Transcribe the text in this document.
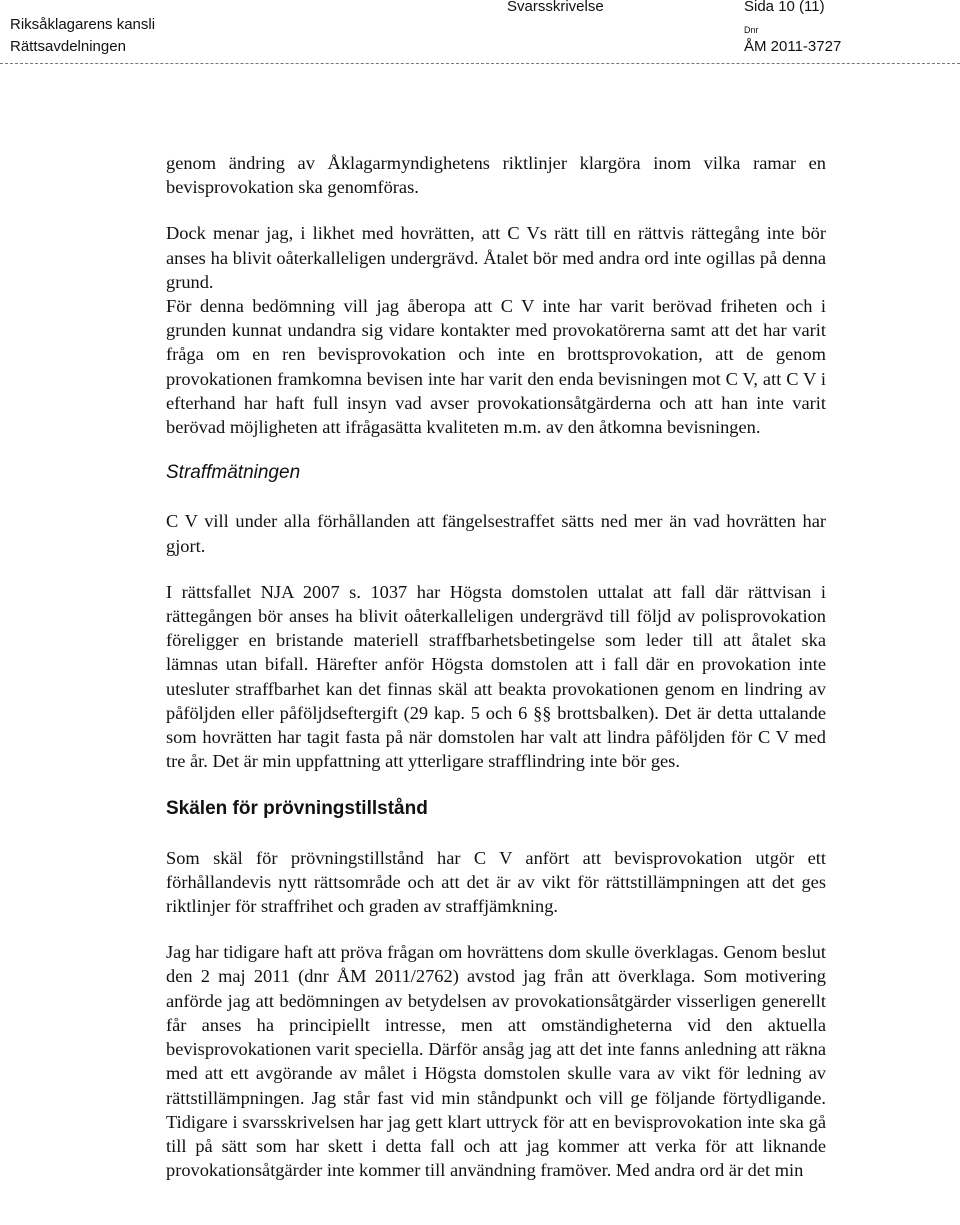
Riksåklagarens kansli
Rättsavdelningen
Svarsskrivelse	Sida 10 (11)
Dnr
ÅM 2011-3727

genom ändring av Åklagarmyndighetens riktlinjer klargöra inom vilka ramar en bevisprovokation ska genomföras.

Dock menar jag, i likhet med hovrätten, att C Vs rätt till en rättvis rättegång inte bör anses ha blivit oåterkalleligen undergrävd. Åtalet bör med andra ord inte ogillas på denna grund.

För denna bedömning vill jag åberopa att C V inte har varit berövad friheten och i grunden kunnat undandra sig vidare kontakter med provokatörerna samt att det har varit fråga om en ren bevisprovokation och inte en brottsprovokation, att de genom provokationen framkomna bevisen inte har varit den enda bevisningen mot C V, att C V i efterhand har haft full insyn vad avser provokationsåtgärderna och att han inte varit berövad möjligheten att ifrågasätta kvaliteten m.m. av den åtkomna bevisningen.

Straffmätningen

C V vill under alla förhållanden att fängelsestraffet sätts ned mer än vad hovrätten har gjort.

I rättsfallet NJA 2007 s. 1037 har Högsta domstolen uttalat att fall där rättvisan i rättegången bör anses ha blivit oåterkalleligen undergrävd till följd av polisprovokation föreligger en bristande materiell straffbarhetsbetingelse som leder till att åtalet ska lämnas utan bifall. Härefter anför Högsta domstolen att i fall där en provokation inte utesluter straffbarhet kan det finnas skäl att beakta provokationen genom en lindring av påföljden eller påföljdseftergift (29 kap. 5 och 6 §§ brottsbalken). Det är detta uttalande som hovrätten har tagit fasta på när domstolen har valt att lindra påföljden för C V med tre år. Det är min uppfattning att ytterligare strafflindring inte bör ges.

Skälen för prövningstillstånd

Som skäl för prövningstillstånd har C V anfört att bevisprovokation utgör ett förhållandevis nytt rättsområde och att det är av vikt för rättstillämpningen att det ges riktlinjer för straffrihet och graden av straffjämkning.

Jag har tidigare haft att pröva frågan om hovrättens dom skulle överklagas. Genom beslut den 2 maj 2011 (dnr ÅM 2011/2762) avstod jag från att överklaga. Som motivering anförde jag att bedömningen av betydelsen av provokationsåtgärder visserligen generellt får anses ha principiellt intresse, men att omständigheterna vid den aktuella bevisprovokationen varit speciella. Därför ansåg jag att det inte fanns anledning att räkna med att ett avgörande av målet i Högsta domstolen skulle vara av vikt för ledning av rättstillämpningen. Jag står fast vid min ståndpunkt och vill ge följande förtydligande. Tidigare i svarsskrivelsen har jag gett klart uttryck för att en bevisprovokation inte ska gå till på sätt som har skett i detta fall och att jag kommer att verka för att liknande provokationsåtgärder inte kommer till användning framöver. Med andra ord är det min
